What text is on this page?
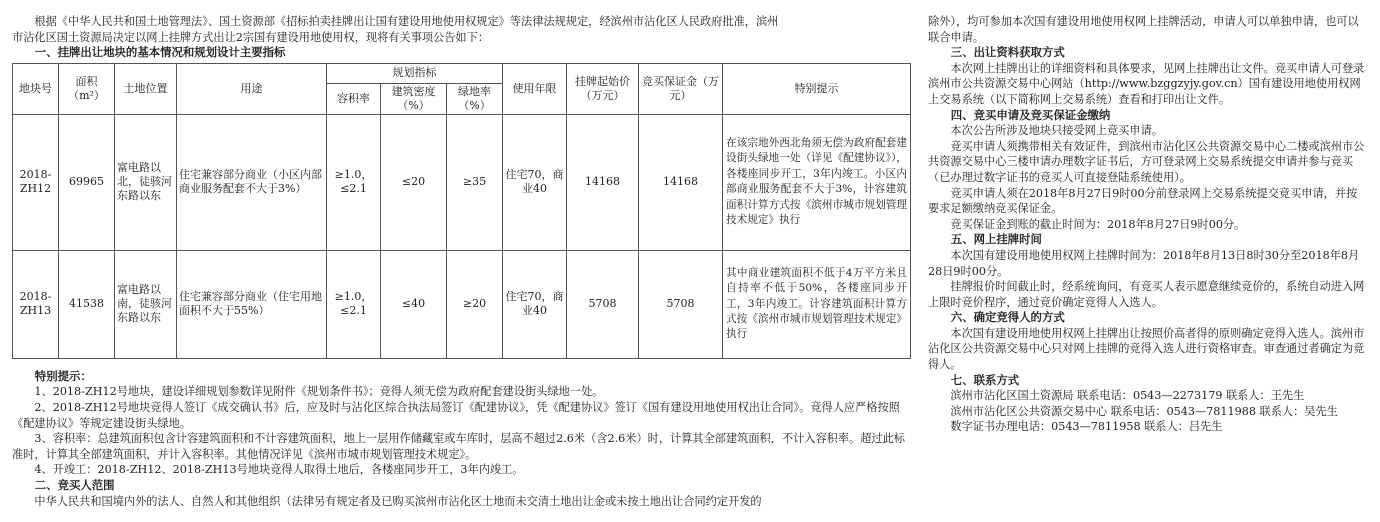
根据《中华人民共和国土地管理法》、国土资源部《招标拍卖挂牌出让国有建设用地使用权规定》等法律法规规定，经滨州市沾化区人民政府批准，滨州

市沾化区国土资源局决定以网上挂牌方式出让2宗国有建设用地使用权，现将有关事项公告如下：

一、挂牌出让地块的基本情况和规划设计主要指标

地块号	面积（m²）	土地位置	用途	规划指标			使用年限	挂牌起始价（万元）	竞买保证金（万元）	特别提示
				容积率	建筑密度（%）	绿地率（%）				
2018-ZH12	69965	富电路以北，徒骇河东路以东	住宅兼容部分商业（小区内部商业服务配套不大于3%）	≥1.0，≤2.1	≤20	≥35	住宅70，商业40	14168	14168	在该宗地外西北角须无偿为政府配套建设街头绿地一处（详见《配建协议》），各楼座同步开工，3年内竣工。小区内部商业服务配套不大于3%，计容建筑面积计算方式按《滨州市城市规划管理技术规定》执行
2018-ZH13	41538	富电路以南，徒骇河东路以东	住宅兼容部分商业（住宅用地面积不大于55%）	≥1.0，≤2.1	≤40	≥20	住宅70，商业40	5708	5708	其中商业建筑面积不低于4万平方米且自持率不低于50%，各楼座同步开工，3年内竣工。计容建筑面积计算方式按《滨州市城市规划管理技术规定》执行

特别提示：

1、2018-ZH12号地块，建设详细规划参数详见附件《规划条件书》；竞得人须无偿为政府配套建设街头绿地一处。

2、2018-ZH12号地块竞得人签订《成交确认书》后，应及时与沾化区综合执法局签订《配建协议》，凭《配建协议》签订《国有建设用地使用权出让合同》。竞得人应严格按照《配建协议》等规定建设街头绿地。

3、容积率：总建筑面积包含计容建筑面积和不计容建筑面积，地上一层用作储藏室或车库时，层高不超过2.6米（含2.6米）时，计算其全部建筑面积，不计入容积率。超过此标准时，计算其全部建筑面积，并计入容积率。其他情况详见《滨州市城市规划管理技术规定》。

4、开竣工：2018-ZH12、2018-ZH13号地块竞得人取得土地后，各楼座同步开工，3年内竣工。

二、竞买人范围

中华人民共和国境内外的法人、自然人和其他组织（法律另有规定者及已购买滨州市沾化区土地而未交清土地出让金或未按土地出让合同约定开发的

除外），均可参加本次国有建设用地使用权网上挂牌活动，申请人可以单独申请，也可以联合申请。

三、出让资料获取方式

本次网上挂牌出让的详细资料和具体要求，见网上挂牌出让文件。竞买申请人可登录滨州市公共资源交易中心网站（http://www.bzggzyjy.gov.cn）国有建设用地使用权网上交易系统（以下简称网上交易系统）查看和打印出让文件。

四、竞买申请及竞买保证金缴纳

本次公告所涉及地块只接受网上竞买申请。

竞买申请人须携带相关有效证件，到滨州市沾化区公共资源交易中心二楼或滨州市公共资源交易中心三楼申请办理数字证书后，方可登录网上交易系统提交申请并参与竞买（已办理过数字证书的竞买人可直接登陆系统使用）。

竞买申请人须在2018年8月27日9时00分前登录网上交易系统提交竞买申请，并按要求足额缴纳竞买保证金。

竞买保证金到账的截止时间为：2018年8月27日9时00分。

五、网上挂牌时间

本次国有建设用地使用权网上挂牌时间为：2018年8月13日8时30分至2018年8月28日9时00分。

挂牌报价时间截止时，经系统询问，有竞买人表示愿意继续竞价的，系统自动进入网上限时竞价程序，通过竞价确定竞得人入选人。

六、确定竞得人的方式

本次国有建设用地使用权网上挂牌出让按照价高者得的原则确定竞得入选人。滨州市沾化区公共资源交易中心只对网上挂牌的竞得入选人进行资格审查。审查通过者确定为竞得人。

七、联系方式

滨州市沾化区国土资源局 联系电话：0543—2273179 联系人：王先生

滨州市沾化区公共资源交易中心 联系电话：0543—7811988 联系人：吴先生

数字证书办理电话：0543—7811958 联系人：吕先生
